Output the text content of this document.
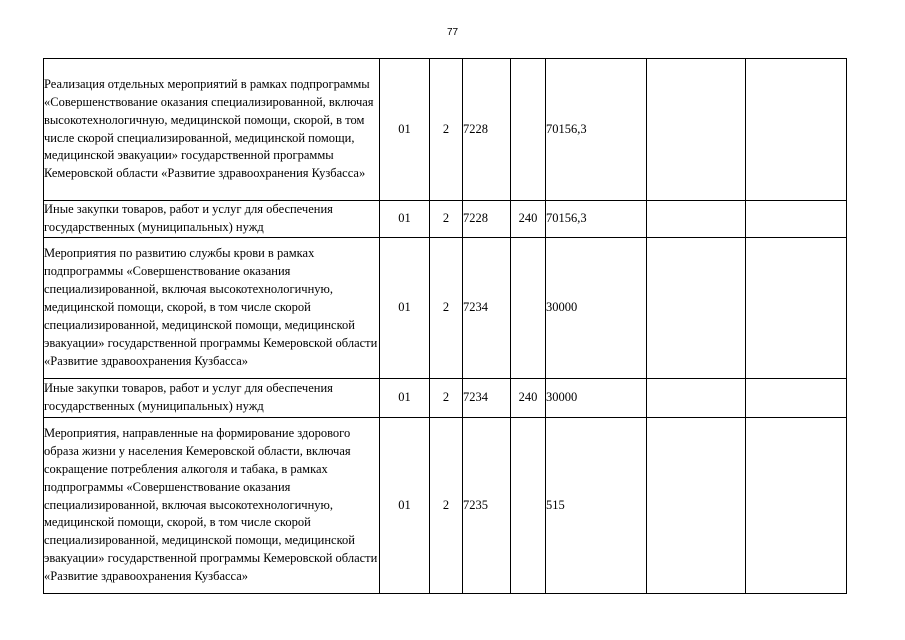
77
Реализация отдельных мероприятий в рамках подпрограммы «Совершенствование оказания специализированной, включая высокотехнологичную, медицинской помощи, скорой, в том числе скорой специализированной, медицинской помощи, медицинской эвакуации» государственной программы Кемеровской области «Развитие здравоохранения Кузбасса»	01	2	7228		70156,3		
Иные закупки товаров, работ и услуг для обеспечения государственных (муниципальных) нужд	01	2	7228	240	70156,3		
Мероприятия по развитию службы крови в рамках подпрограммы «Совершенствование оказания специализированной, включая высокотехнологичную, медицинской помощи, скорой, в том числе скорой специализированной, медицинской помощи, медицинской эвакуации» государственной программы Кемеровской области «Развитие здравоохранения Кузбасса»	01	2	7234		30000		
Иные закупки товаров, работ и услуг для обеспечения государственных (муниципальных) нужд	01	2	7234	240	30000		
Мероприятия, направленные на формирование здорового образа жизни у населения Кемеровской области, включая сокращение потребления алкоголя и табака, в рамках подпрограммы «Совершенствование оказания специализированной, включая высокотехнологичную, медицинской помощи, скорой, в том числе скорой специализированной, медицинской помощи, медицинской эвакуации» государственной программы Кемеровской области «Развитие здравоохранения Кузбасса»	01	2	7235		515		
